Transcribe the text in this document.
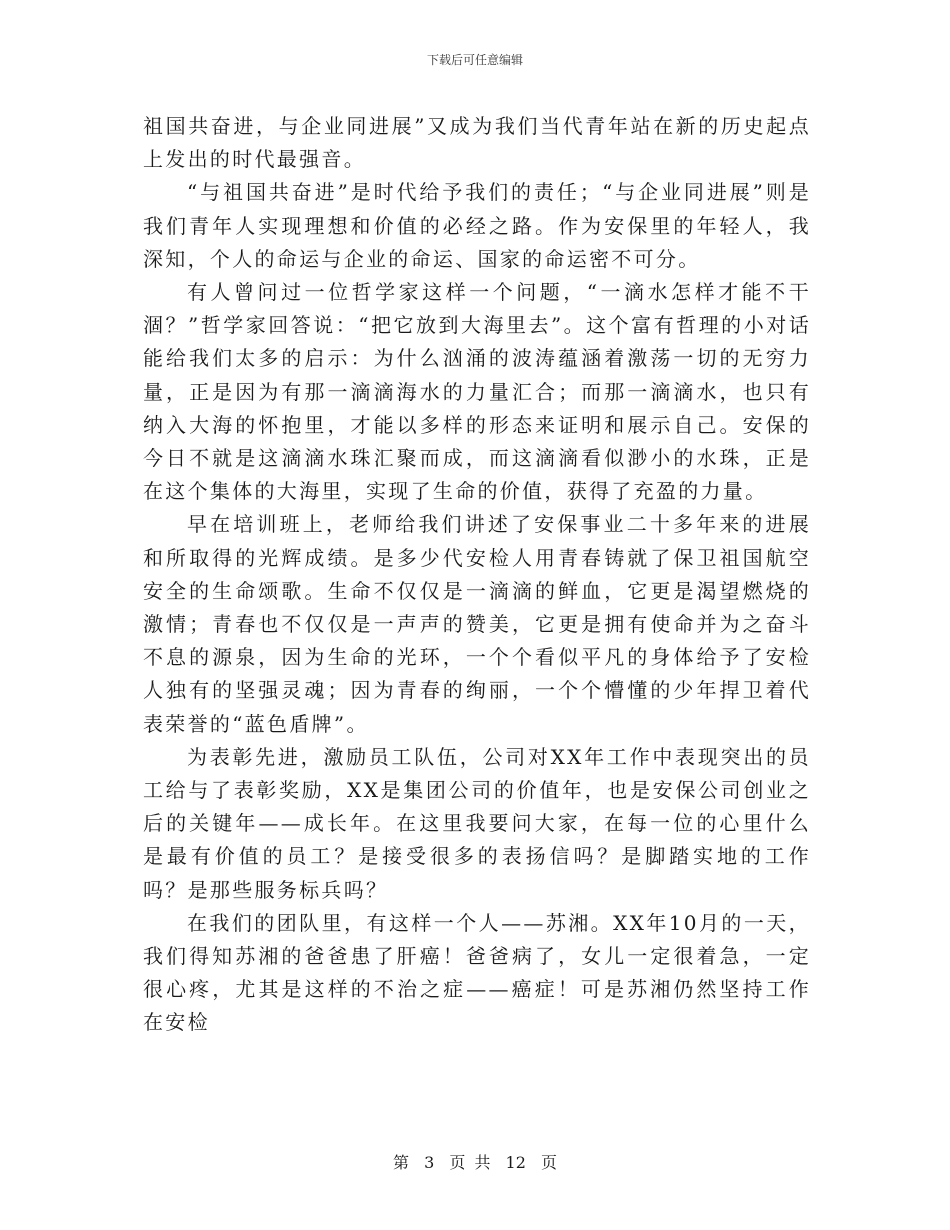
下载后可任意编辑

祖国共奋进，与企业同进展”又成为我们当代青年站在新的历史起点上发出的时代最强音。

“与祖国共奋进”是时代给予我们的责任；“与企业同进展”则是我们青年人实现理想和价值的必经之路。作为安保里的年轻人，我深知，个人的命运与企业的命运、国家的命运密不可分。

有人曾问过一位哲学家这样一个问题，“一滴水怎样才能不干涸？”哲学家回答说：“把它放到大海里去”。这个富有哲理的小对话能给我们太多的启示：为什么汹涌的波涛蕴涵着激荡一切的无穷力量，正是因为有那一滴滴海水的力量汇合；而那一滴滴水，也只有纳入大海的怀抱里，才能以多样的形态来证明和展示自己。安保的今日不就是这滴滴水珠汇聚而成，而这滴滴看似渺小的水珠，正是在这个集体的大海里，实现了生命的价值，获得了充盈的力量。

早在培训班上，老师给我们讲述了安保事业二十多年来的进展和所取得的光辉成绩。是多少代安检人用青春铸就了保卫祖国航空安全的生命颂歌。生命不仅仅是一滴滴的鲜血，它更是渴望燃烧的激情；青春也不仅仅是一声声的赞美，它更是拥有使命并为之奋斗不息的源泉，因为生命的光环，一个个看似平凡的身体给予了安检人独有的坚强灵魂；因为青春的绚丽，一个个懵懂的少年捍卫着代表荣誉的“蓝色盾牌”。

为表彰先进，激励员工队伍，公司对XX年工作中表现突出的员工给与了表彰奖励，XX是集团公司的价值年，也是安保公司创业之后的关键年——成长年。在这里我要问大家，在每一位的心里什么是最有价值的员工？是接受很多的表扬信吗？是脚踏实地的工作吗？是那些服务标兵吗？

在我们的团队里，有这样一个人——苏湘。XX年10月的一天，我们得知苏湘的爸爸患了肝癌！爸爸病了，女儿一定很着急，一定很心疼，尤其是这样的不治之症——癌症！可是苏湘仍然坚持工作在安检

第 3 页 共 12 页
